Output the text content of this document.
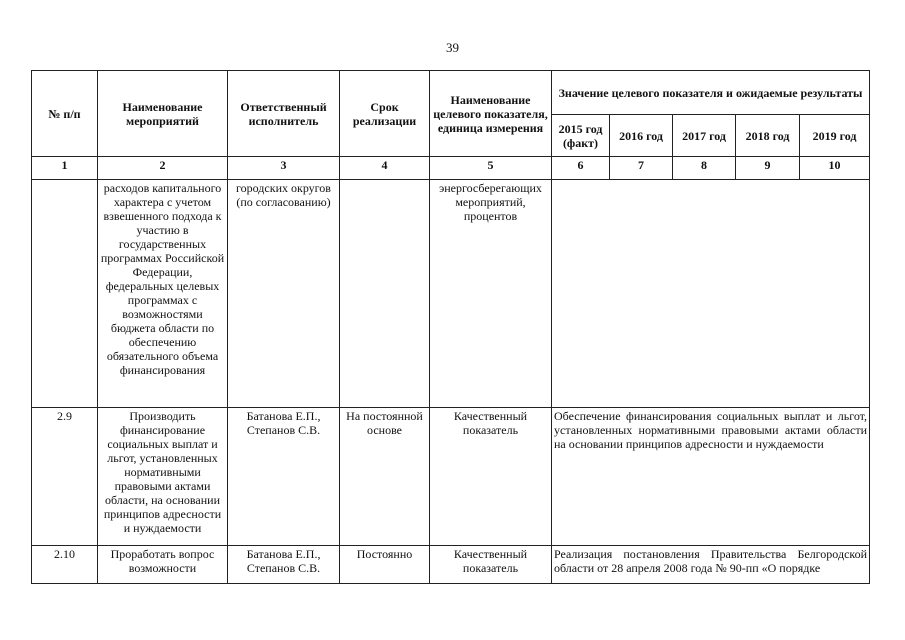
39
№ п/п	Наименование мероприятий	Ответственный исполнитель	Срок реализации	Наименование целевого показателя, единица измерения	Значение целевого показателя и ожидаемые результаты				
					2015 год (факт)	2016 год	2017 год	2018 год	2019 год
1	2	3	4	5	6	7	8	9	10
	расходов капитального характера с учетом взвешенного подхода к участию в государственных программах Российской Федерации, федеральных целевых программах с возможностями бюджета области по обеспечению обязательного объема финансирования	городских округов (по согласованию)		энергосберегающих мероприятий, процентов					
2.9	Производить финансирование социальных выплат и льгот, установленных нормативными правовыми актами области, на основании принципов адресности и нуждаемости	Батанова Е.П., Степанов С.В.	На постоянной основе	Качественный показатель	Обеспечение финансирования социальных выплат и льгот, установленных нормативными правовыми актами области на основании принципов адресности и нуждаемости				
2.10	Проработать вопрос возможности	Батанова Е.П., Степанов С.В.	Постоянно	Качественный показатель	Реализация постановления Правительства Белгородской области от 28 апреля 2008 года № 90-пп «О порядке				
